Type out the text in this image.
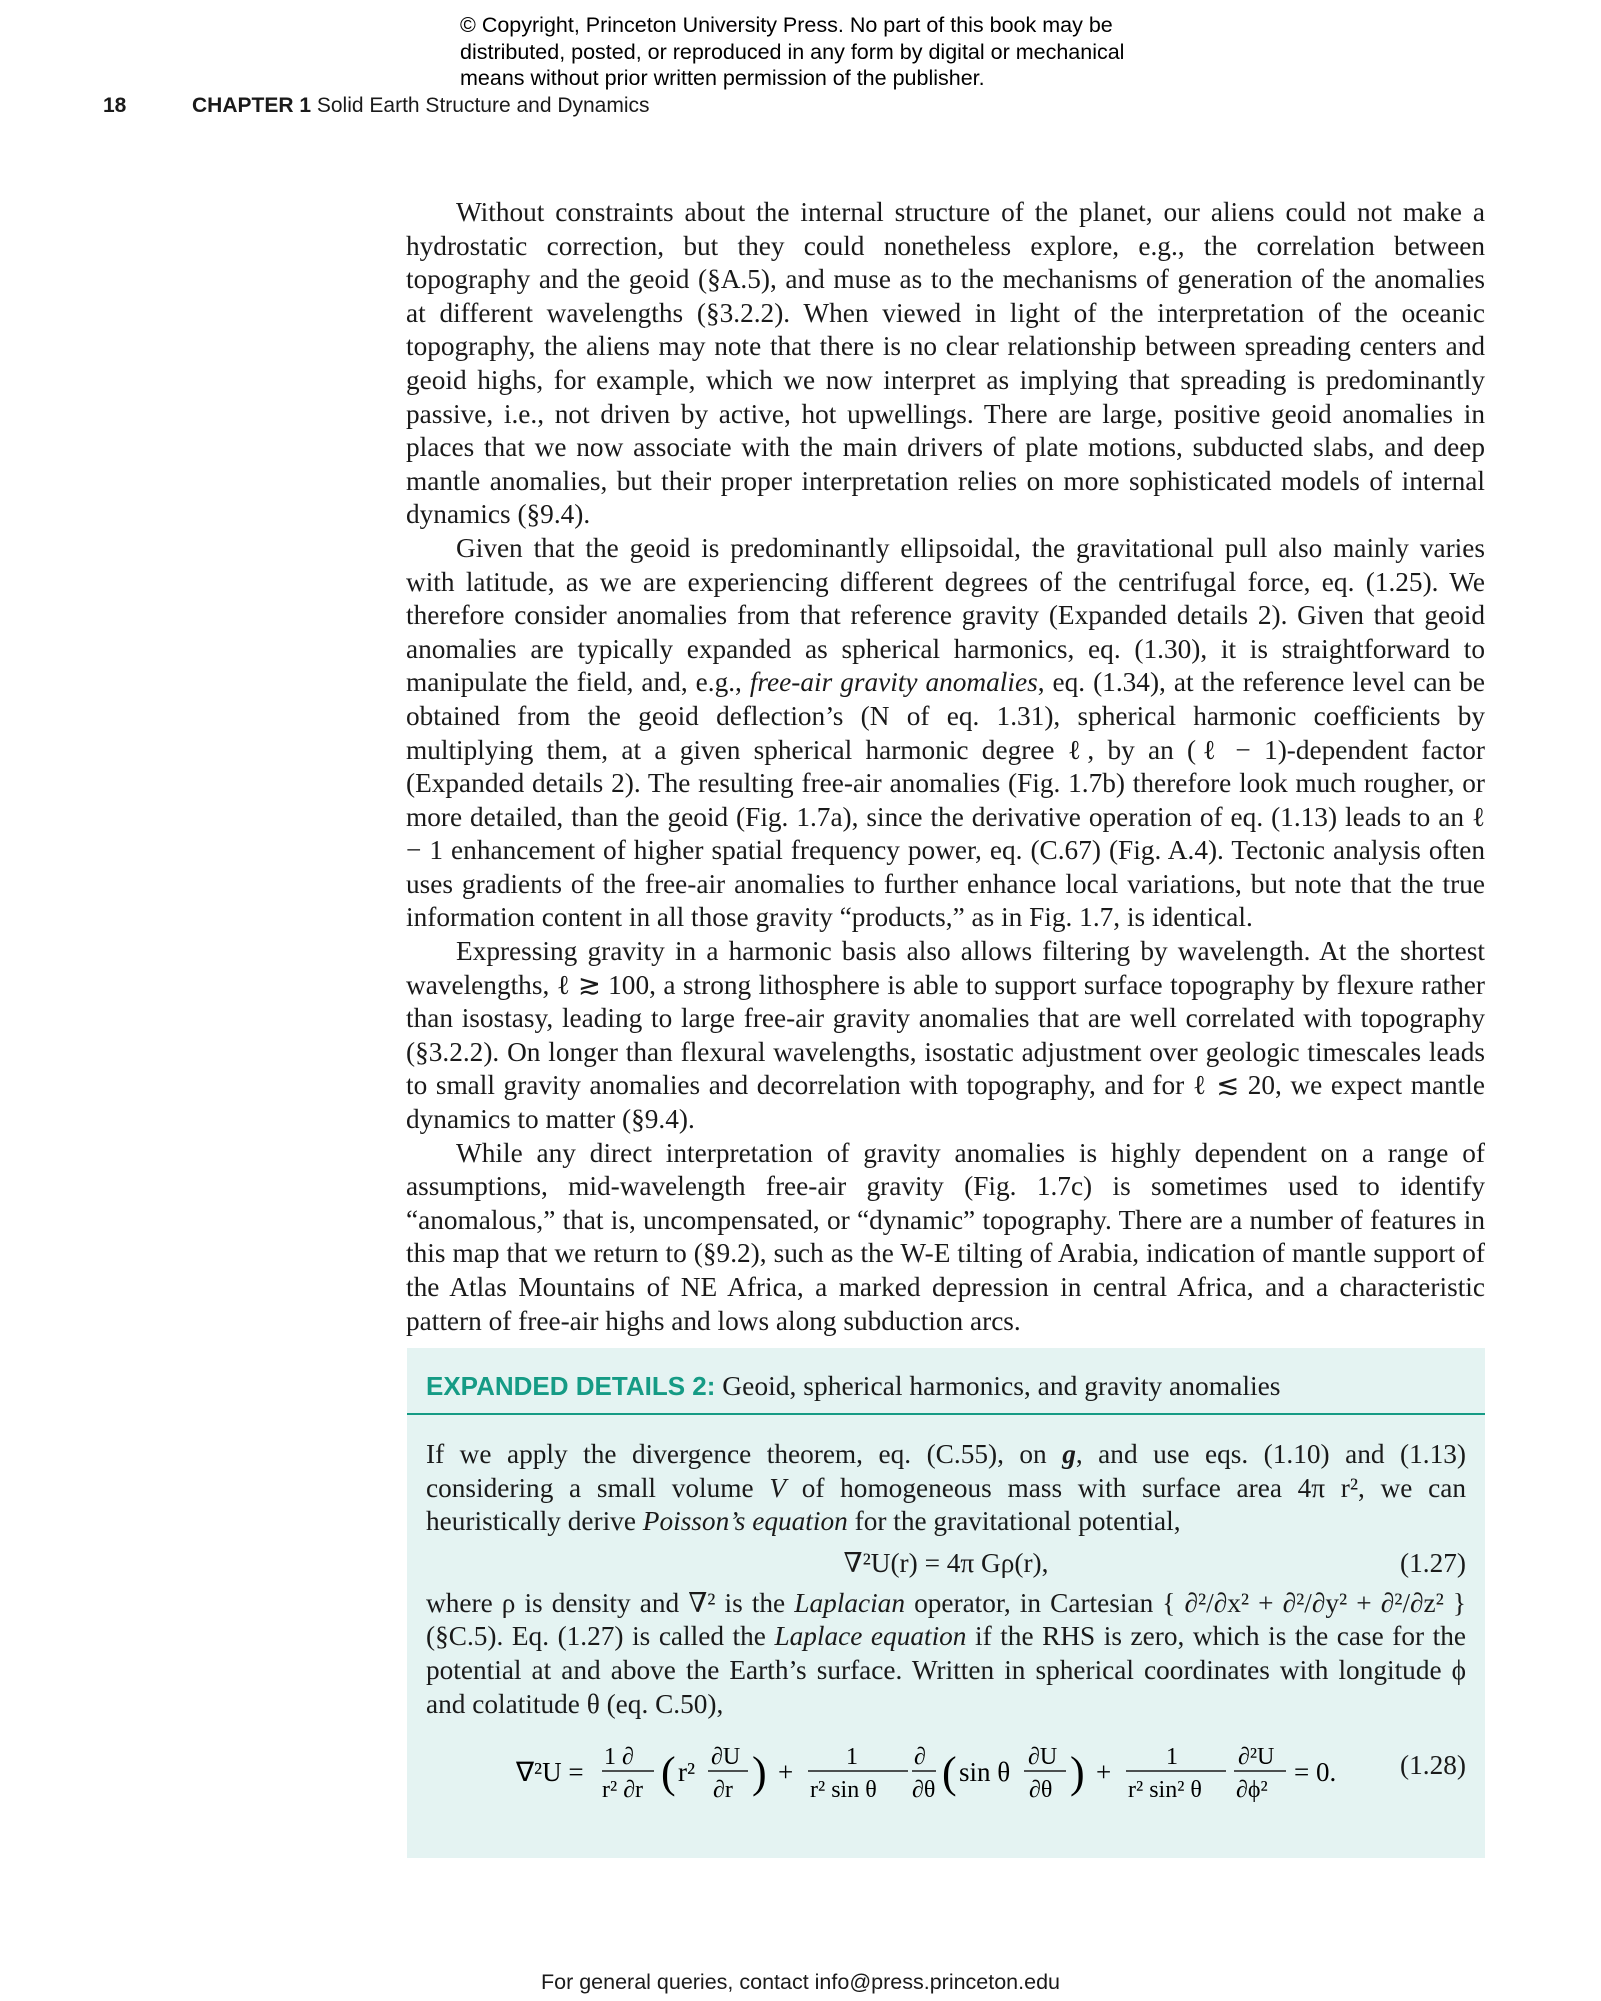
© Copyright, Princeton University Press. No part of this book may be
distributed, posted, or reproduced in any form by digital or mechanical
means without prior written permission of the publisher.
18	CHAPTER 1 Solid Earth Structure and Dynamics

Without constraints about the internal structure of the planet, our aliens could not make a hydrostatic correction, but they could nonetheless explore, e.g., the correlation between topography and the geoid (§A.5), and muse as to the mechanisms of generation of the anomalies at different wavelengths (§3.2.2). When viewed in light of the interpretation of the oceanic topography, the aliens may note that there is no clear relationship between spreading centers and geoid highs, for example, which we now interpret as implying that spreading is predominantly passive, i.e., not driven by active, hot upwellings. There are large, positive geoid anomalies in places that we now associate with the main drivers of plate motions, subducted slabs, and deep mantle anomalies, but their proper interpretation relies on more sophisticated models of internal dynamics (§9.4).

Given that the geoid is predominantly ellipsoidal, the gravitational pull also mainly varies with latitude, as we are experiencing different degrees of the centrifugal force, eq. (1.25). We therefore consider anomalies from that reference gravity (Expanded details 2). Given that geoid anomalies are typically expanded as spherical harmonics, eq. (1.30), it is straightforward to manipulate the field, and, e.g., free-air gravity anomalies, eq. (1.34), at the reference level can be obtained from the geoid deflection’s (N of eq. 1.31), spherical harmonic coefficients by multiplying them, at a given spherical harmonic degree ℓ, by an (ℓ − 1)-dependent factor (Expanded details 2). The resulting free-air anomalies (Fig. 1.7b) therefore look much rougher, or more detailed, than the geoid (Fig. 1.7a), since the derivative operation of eq. (1.13) leads to an ℓ − 1 enhancement of higher spatial frequency power, eq. (C.67) (Fig. A.4). Tectonic analysis often uses gradients of the free-air anomalies to further enhance local variations, but note that the true information content in all those gravity “products,” as in Fig. 1.7, is identical.

Expressing gravity in a harmonic basis also allows filtering by wavelength. At the shortest wavelengths, ℓ ≳ 100, a strong lithosphere is able to support surface topography by flexure rather than isostasy, leading to large free-air gravity anomalies that are well correlated with topography (§3.2.2). On longer than flexural wavelengths, isostatic adjustment over geologic timescales leads to small gravity anomalies and decorrelation with topography, and for ℓ ≲ 20, we expect mantle dynamics to matter (§9.4).

While any direct interpretation of gravity anomalies is highly dependent on a range of assumptions, mid-wavelength free-air gravity (Fig. 1.7c) is sometimes used to identify “anomalous,” that is, uncompensated, or “dynamic” topography. There are a number of features in this map that we return to (§9.2), such as the W-E tilting of Arabia, indication of mantle support of the Atlas Mountains of NE Africa, a marked depression in central Africa, and a characteristic pattern of free-air highs and lows along subduction arcs.

EXPANDED DETAILS 2: Geoid, spherical harmonics, and gravity anomalies

If we apply the divergence theorem, eq. (C.55), on g, and use eqs. (1.10) and (1.13) considering a small volume V of homogeneous mass with surface area 4π r², we can heuristically derive Poisson’s equation for the gravitational potential,

∇²U(r) = 4π Gρ(r),	(1.27)

where ρ is density and ∇² is the Laplacian operator, in Cartesian { ∂²/∂x² + ∂²/∂y² + ∂²/∂z² } (§C.5). Eq. (1.27) is called the Laplace equation if the RHS is zero, which is the case for the potential at and above the Earth’s surface. Written in spherical coordinates with longitude ϕ and colatitude θ (eq. C.50),

∇²U = 1 ∂
r² ∂r ( r² ∂U
∂r ) + 1
r² sin θ
∂
∂θ ( sin θ ∂U
∂θ ) + 1
r² sin² θ
∂²U
∂ϕ²
= 0. (1.28)
For general queries, contact info@press.princeton.edu
